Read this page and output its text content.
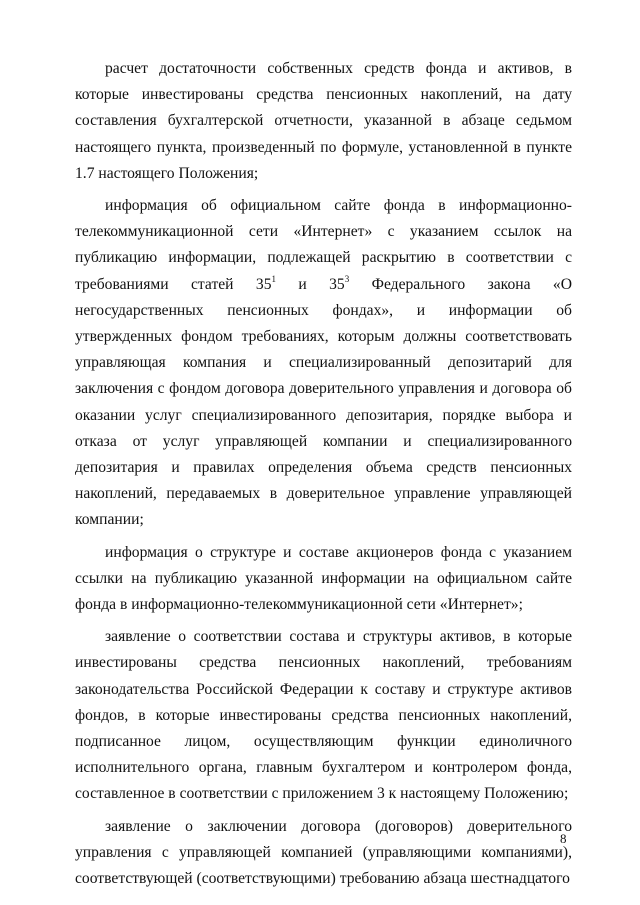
расчет достаточности собственных средств фонда и активов, в которые инвестированы средства пенсионных накоплений, на дату составления бухгалтерской отчетности, указанной в абзаце седьмом настоящего пункта, произведенный по формуле, установленной в пункте 1.7 настоящего Положения;

информация об официальном сайте фонда в информационно-телекоммуникационной сети «Интернет» с указанием ссылок на публикацию информации, подлежащей раскрытию в соответствии с требованиями статей $35^1$ и $35^3$ Федерального закона «О негосударственных пенсионных фондах», и информации об утвержденных фондом требованиях, которым должны соответствовать управляющая компания и специализированный депозитарий для заключения с фондом договора доверительного управления и договора об оказании услуг специализированного депозитария, порядке выбора и отказа от услуг управляющей компании и специализированного депозитария и правилах определения объема средств пенсионных накоплений, передаваемых в доверительное управление управляющей компании;

информация о структуре и составе акционеров фонда с указанием ссылки на публикацию указанной информации на официальном сайте фонда в информационно-телекоммуникационной сети «Интернет»;

заявление о соответствии состава и структуры активов, в которые инвестированы средства пенсионных накоплений, требованиям законодательства Российской Федерации к составу и структуре активов фондов, в которые инвестированы средства пенсионных накоплений, подписанное лицом, осуществляющим функции единоличного исполнительного органа, главным бухгалтером и контролером фонда, составленное в соответствии с приложением 3 к настоящему Положению;

заявление о заключении договора (договоров) доверительного управления с управляющей компанией (управляющими компаниями), соответствующей (соответствующими) требованию абзаца шестнадцатого

8
